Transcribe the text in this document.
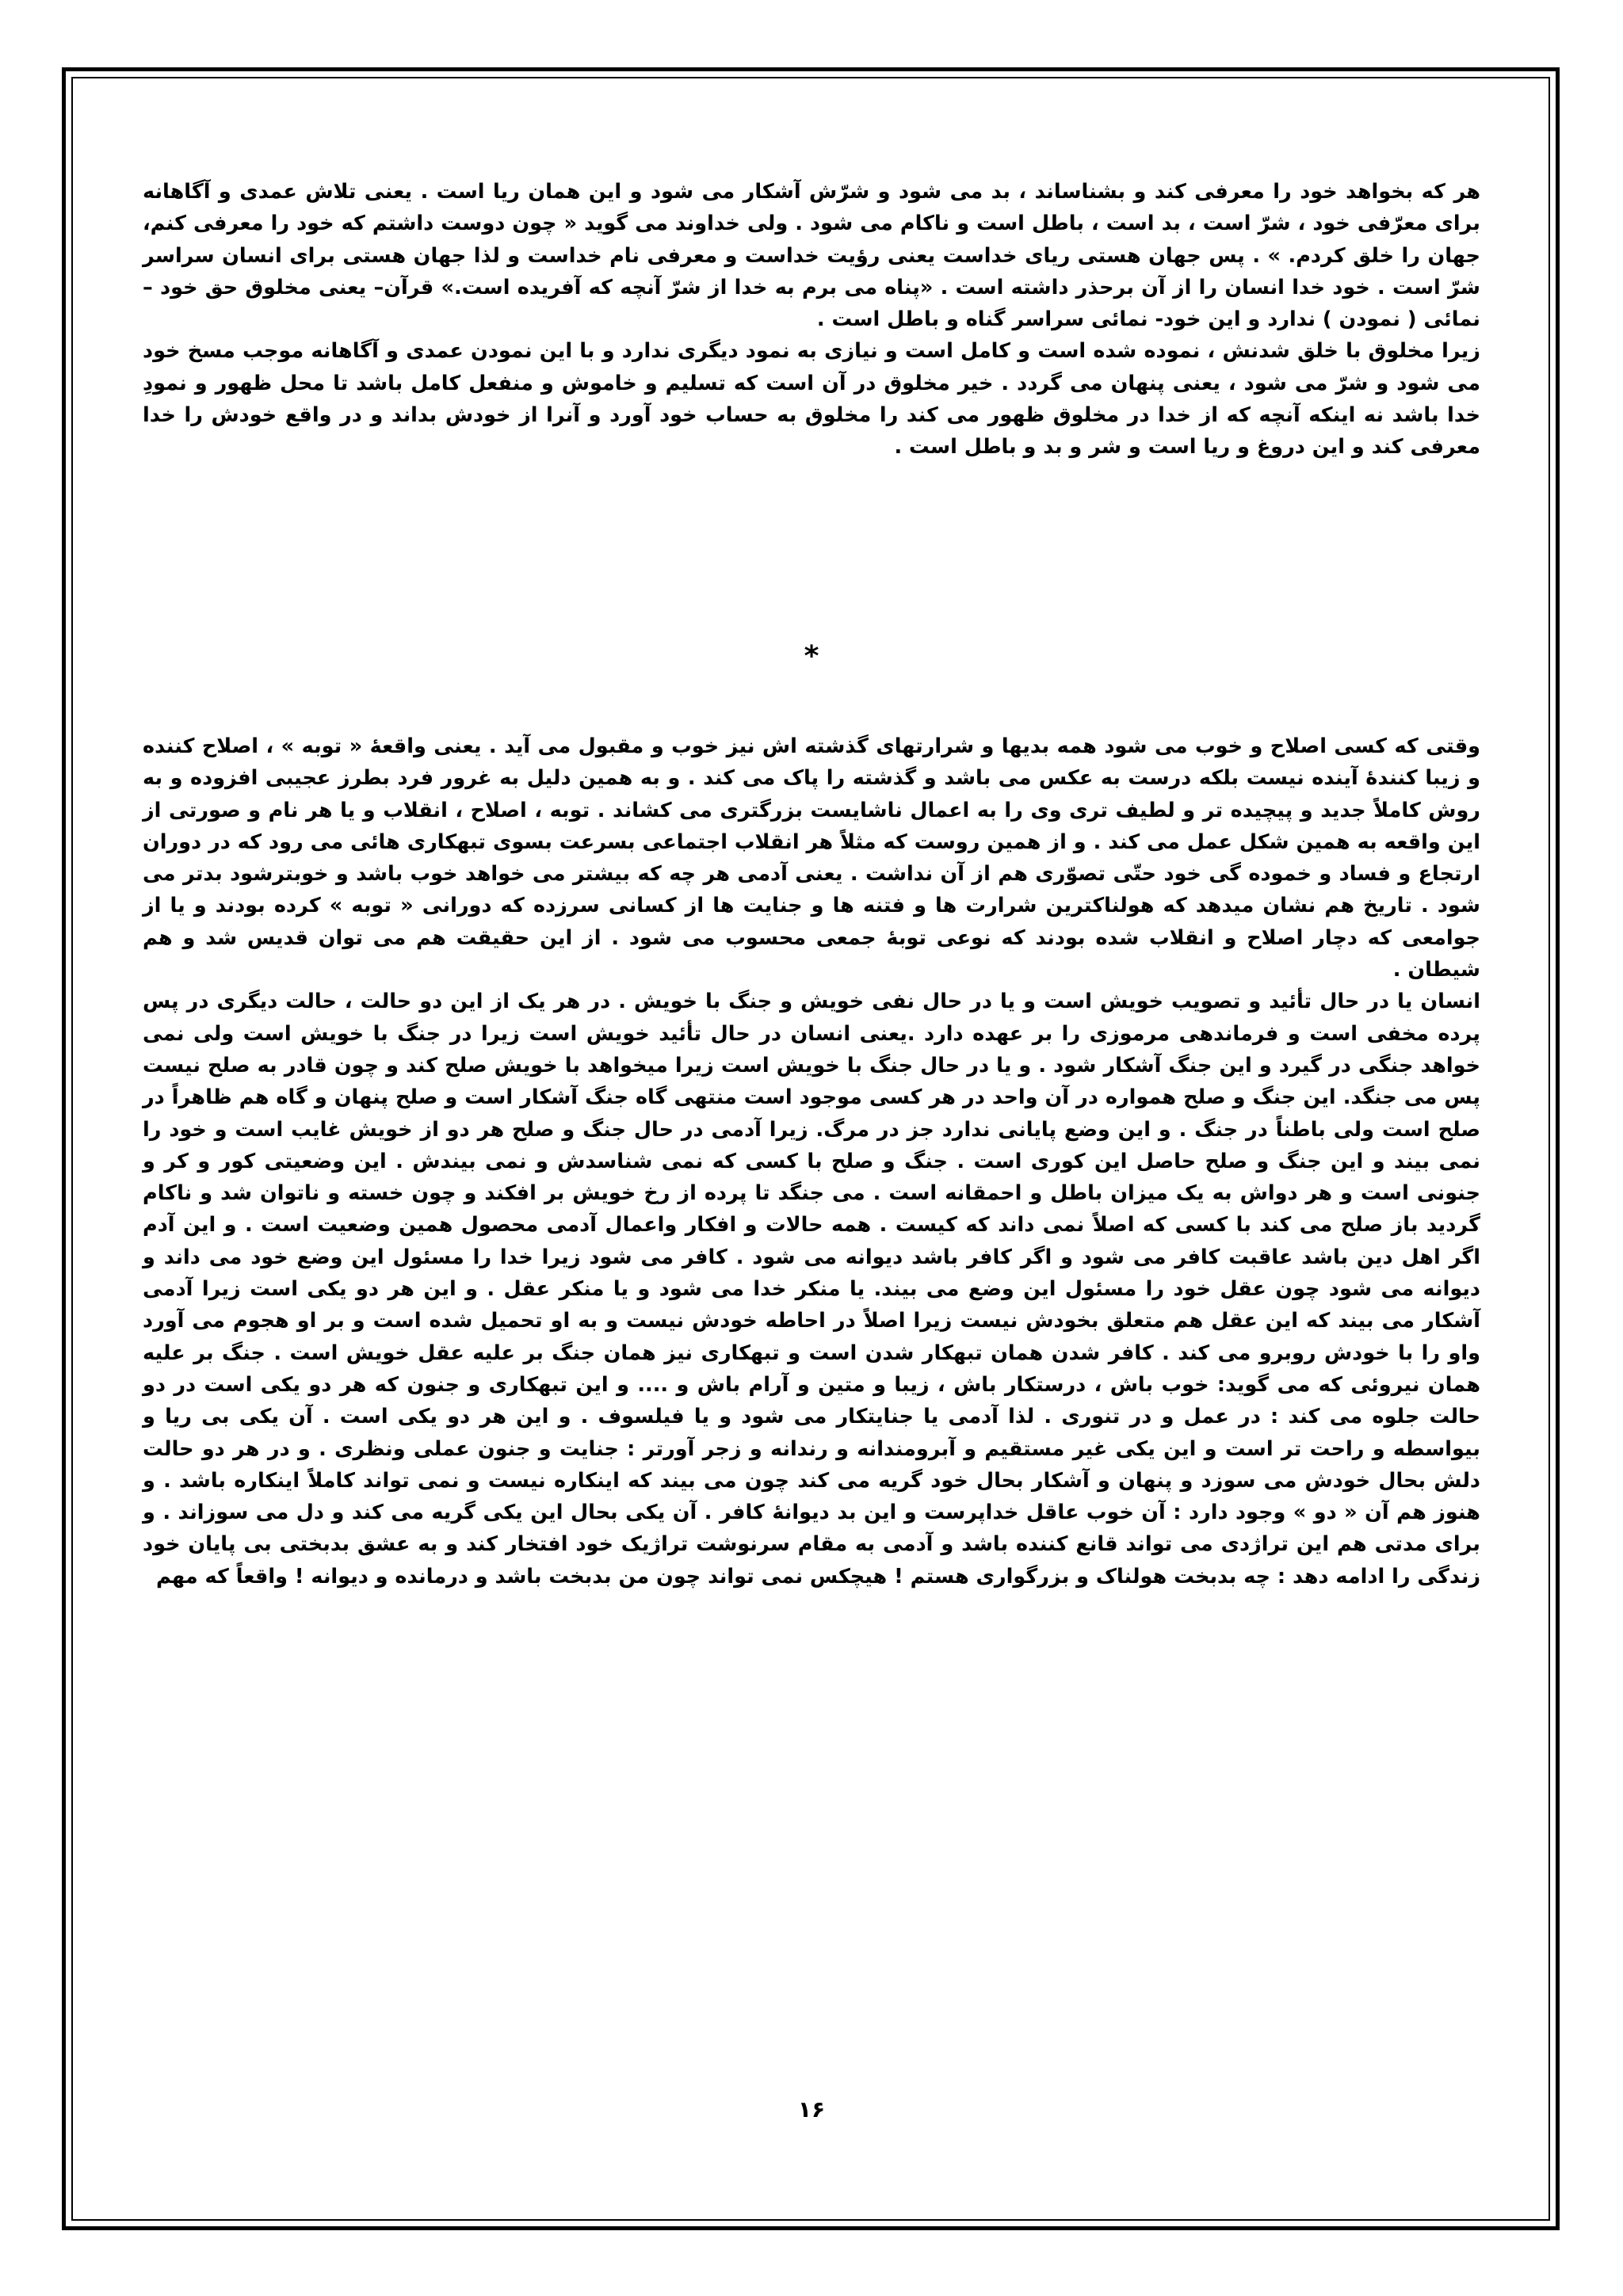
هر که بخواهد خود را معرفی کند و بشناساند ، بد می شود و شرّش آشکار می شود و این همان ریا است . یعنی تلاش عمدی و آگاهانه برای معرّفی خود ، شرّ است ، بد است ، باطل است و ناکام می شود . ولی خداوند می گوید « چون دوست داشتم که خود را معرفی کنم، جهان را خلق کردم. » . پس جهان هستی ریای خداست یعنی رؤیت خداست و معرفی نام خداست و لذا جهان هستی برای انسان سراسر شرّ است . خود خدا انسان را از آن برحذر داشته است . «پناه می برم به خدا از شرّ آنچه که آفریده است.» قرآن– یعنی مخلوق حق خود – نمائی ( نمودن ) ندارد و این خود- نمائی سراسر گناه و باطل است .

زیرا مخلوق با خلق شدنش ، نموده شده است و کامل است و نیازی به نمود دیگری ندارد و با این نمودن عمدی و آگاهانه موجب مسخ خود می شود و شرّ می شود ، یعنی پنهان می گردد . خیر مخلوق در آن است که تسلیم و خاموش و منفعل کامل باشد تا محل ظهور و نمودِ خدا باشد نه اینکه آنچه که از خدا در مخلوق ظهور می کند را مخلوق به حساب خود آورد و آنرا از خودش بداند و در واقع خودش را خدا معرفی کند و این دروغ و ریا است و شر و بد و باطل است .

*

وقتی که کسی اصلاح و خوب می شود همه بدیها و شرارتهای گذشته اش نیز خوب و مقبول می آید . یعنی واقعهٔ « توبه » ، اصلاح کننده و زیبا کنندهٔ آینده نیست بلکه درست به عکس می باشد و گذشته را پاک می کند . و به همین دلیل به غرور فرد بطرز عجیبی افزوده و به روش کاملاً جدید و پیچیده تر و لطیف تری وی را به اعمال ناشایست بزرگتری می کشاند . توبه ، اصلاح ، انقلاب و یا هر نام و صورتی از این واقعه به همین شکل عمل می کند . و از همین روست که مثلاً هر انقلاب اجتماعی بسرعت بسوی تبهکاری هائی می رود که در دوران ارتجاع و فساد و خموده گی خود حتّی تصوّری هم از آن نداشت . یعنی آدمی هر چه که بیشتر می خواهد خوب باشد و خوبترشود بدتر می شود . تاریخ هم نشان میدهد که هولناکترین شرارت ها و فتنه ها و جنایت ها از کسانی سرزده که دورانی « توبه » کرده بودند و یا از جوامعی که دچار اصلاح و انقلاب شده بودند که نوعی توبهٔ جمعی محسوب می شود . از این حقیقت هم می توان قدیس شد و هم شیطان .

انسان یا در حال تأئید و تصویب خویش است و یا در حال نفی خویش و جنگ با خویش . در هر یک از این دو حالت ، حالت دیگری در پس پرده مخفی است و فرماندهی مرموزی را بر عهده دارد .یعنی انسان در حال تأئید خویش است زیرا در جنگ با خویش است ولی نمی خواهد جنگی در گیرد و این جنگ آشکار شود . و یا در حال جنگ با خویش است زیرا میخواهد با خویش صلح کند و چون قادر به صلح نیست پس می جنگد. این جنگ و صلح همواره در آن واحد در هر کسی موجود است منتهی گاه جنگ آشکار است و صلح پنهان و گاه هم ظاهراً در صلح است ولی باطناً در جنگ . و این وضع پایانی ندارد جز در مرگ. زیرا آدمی در حال جنگ و صلح هر دو از خویش غایب است و خود را نمی بیند و این جنگ و صلح حاصل این کوری است . جنگ و صلح با کسی که نمی شناسدش و نمی بیندش . این وضعیتی کور و کر و جنونی است و هر دواش به یک میزان باطل و احمقانه است . می جنگد تا پرده از رخ خویش بر افکند و چون خسته و ناتوان شد و ناکام گردید باز صلح می کند با کسی که اصلاً نمی داند که کیست . همه حالات و افکار واعمال آدمی محصول همین وضعیت است . و این آدم اگر اهل دین باشد عاقبت کافر می شود و اگر کافر باشد دیوانه می شود . کافر می شود زیرا خدا را مسئول این وضع خود می داند و دیوانه می شود چون عقل خود را مسئول این وضع می بیند. یا منکر خدا می شود و یا منکر عقل . و این هر دو یکی است زیرا آدمی آشکار می بیند که این عقل هم متعلق بخودش نیست زیرا اصلاً در احاطه خودش نیست و به او تحمیل شده است و بر او هجوم می آورد واو را با خودش روبرو می کند . کافر شدن همان تبهکار شدن است و تبهکاری نیز همان جنگ بر علیه عقل خویش است . جنگ بر علیه همان نیروئی که می گوید: خوب باش ، درستکار باش ، زیبا و متین و آرام باش و .... و این تبهکاری و جنون که هر دو یکی است در دو حالت جلوه می کند : در عمل و در تنوری . لذا آدمی یا جنایتکار می شود و یا فیلسوف . و این هر دو یکی است . آن یکی بی ریا و بیواسطه و راحت تر است و این یکی غیر مستقیم و آبرومندانه و رندانه و زجر آورتر : جنایت و جنون عملی ونظری . و در هر دو حالت دلش بحال خودش می سوزد و پنهان و آشکار بحال خود گریه می کند چون می بیند که اینکاره نیست و نمی تواند کاملاً اینکاره باشد . و هنوز هم آن « دو » وجود دارد : آن خوب عاقل خداپرست و این بد دیوانهٔ کافر . آن یکی بحال این یکی گریه می کند و دل می سوزاند . و برای مدتی هم این تراژدی می تواند قانع کننده باشد و آدمی به مقام سرنوشت تراژیک خود افتخار کند و به عشق بدبختی بی پایان خود زندگی را ادامه دهد : چه بدبخت هولناک و بزرگواری هستم ! هیچکس نمی تواند چون من بدبخت باشد و درمانده و دیوانه ! واقعاً که مهم

۱۶
